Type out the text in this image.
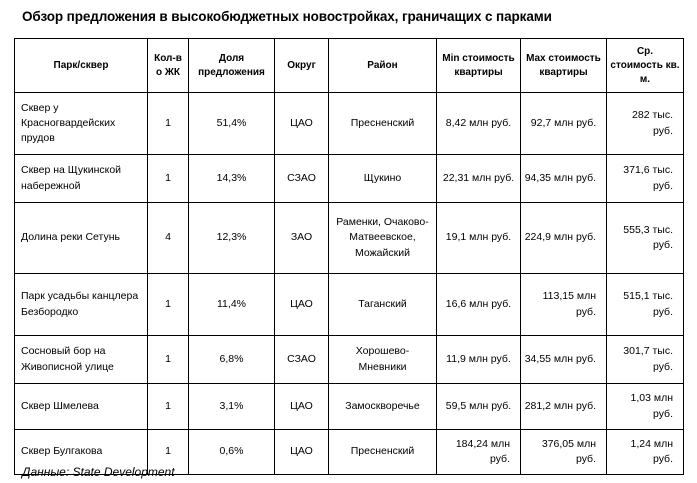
Обзор предложения в высокобюджетных новостройках, граничащих с парками
Парк/сквер	Кол-в о ЖК	Доля предложения	Округ	Район	Min стоимость квартиры	Max стоимость квартиры	Ср. стоимость кв. м.
Сквер у Красногвардейских прудов	1	51,4%	ЦАО	Пресненский	8,42 млн руб.	92,7 млн руб.	282 тыс. руб.
Сквер на Щукинской набережной	1	14,3%	СЗАО	Щукино	22,31 млн руб.	94,35 млн руб.	371,6 тыс. руб.
Долина реки Сетунь	4	12,3%	ЗАО	Раменки, Очаково-Матвеевское, Можайский	19,1 млн руб.	224,9 млн руб.	555,3 тыс. руб.
Парк усадьбы канцлера Безбородко	1	11,4%	ЦАО	Таганский	16,6 млн руб.	113,15 млн руб.	515,1 тыс. руб.
Сосновый бор на Живописной улице	1	6,8%	СЗАО	Хорошево-Мневники	11,9 млн руб.	34,55 млн руб.	301,7 тыс. руб.
Сквер Шмелева	1	3,1%	ЦАО	Замоскворечье	59,5 млн руб.	281,2 млн руб.	1,03 млн руб.
Сквер Булгакова	1	0,6%	ЦАО	Пресненский	184,24 млн руб.	376,05 млн руб.	1,24 млн руб.
Данные: State Development
